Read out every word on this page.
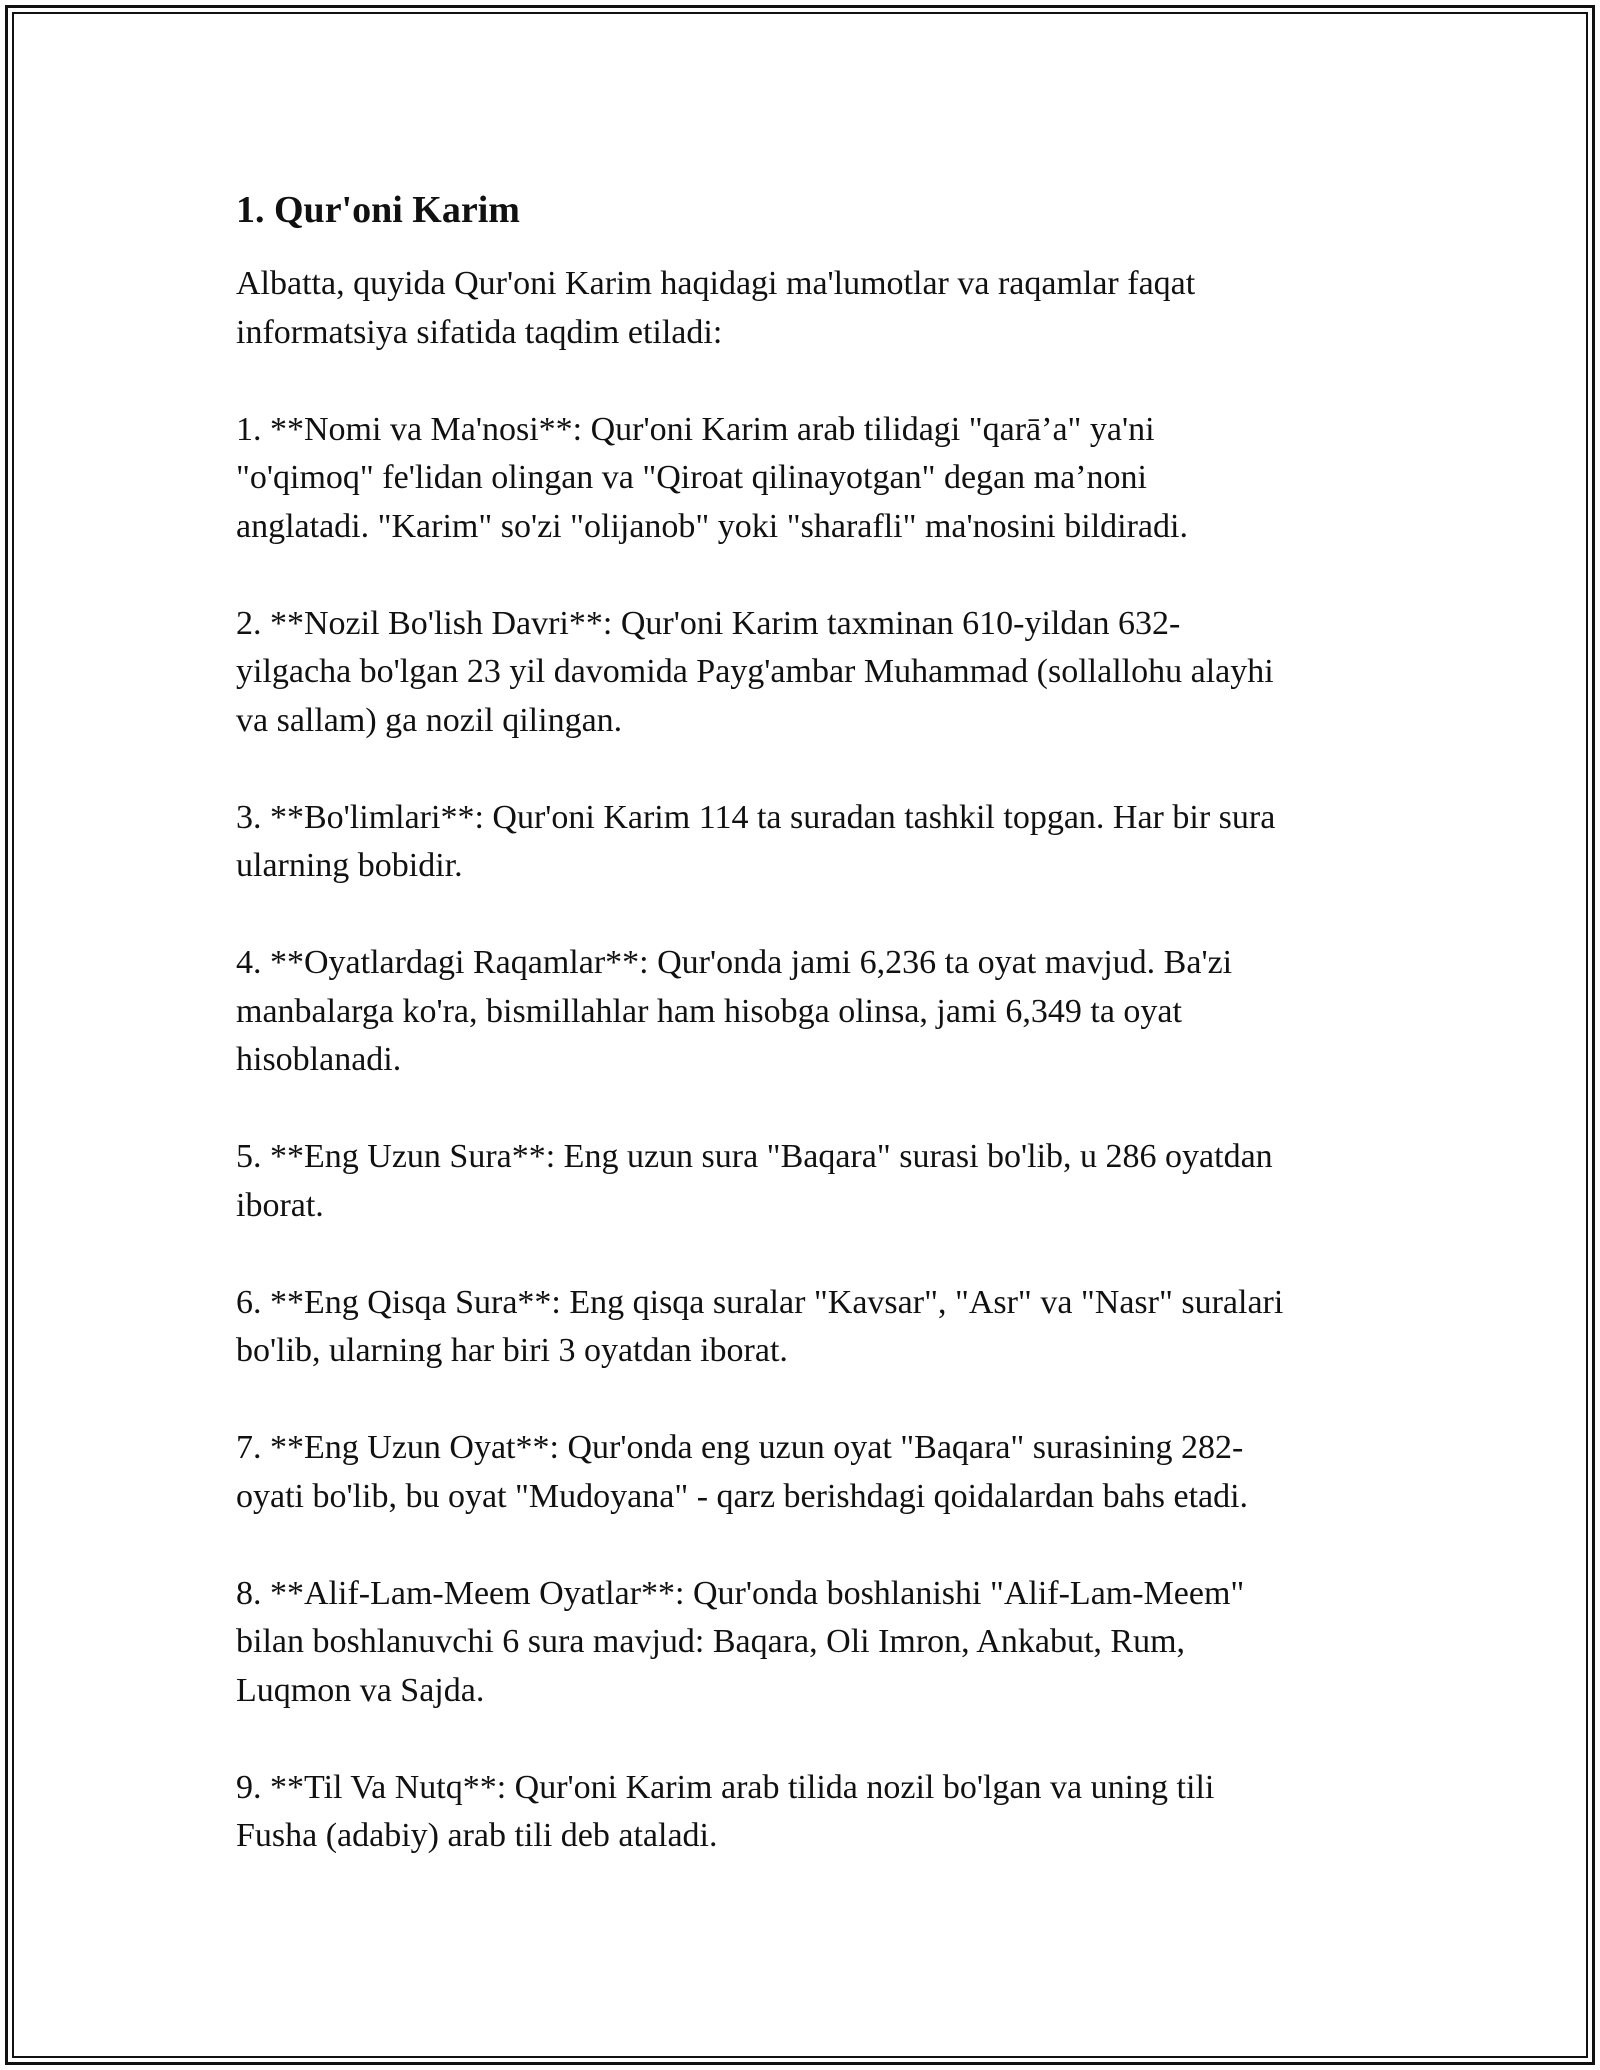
1. Qur'oni Karim
Albatta, quyida Qur'oni Karim haqidagi ma'lumotlar va raqamlar faqat
informatsiya sifatida taqdim etiladi:
1. **Nomi va Ma'nosi**: Qur'oni Karim arab tilidagi "qarā’a" ya'ni
"o'qimoq" fe'lidan olingan va "Qiroat qilinayotgan" degan ma’noni
anglatadi. "Karim" so'zi "olijanob" yoki "sharafli" ma'nosini bildiradi.
2. **Nozil Bo'lish Davri**: Qur'oni Karim taxminan 610-yildan 632-
yilgacha bo'lgan 23 yil davomida Payg'ambar Muhammad (sollallohu alayhi
va sallam) ga nozil qilingan.
3. **Bo'limlari**: Qur'oni Karim 114 ta suradan tashkil topgan. Har bir sura
ularning bobidir.
4. **Oyatlardagi Raqamlar**: Qur'onda jami 6,236 ta oyat mavjud. Ba'zi
manbalarga ko'ra, bismillahlar ham hisobga olinsa, jami 6,349 ta oyat
hisoblanadi.
5. **Eng Uzun Sura**: Eng uzun sura "Baqara" surasi bo'lib, u 286 oyatdan
iborat.
6. **Eng Qisqa Sura**: Eng qisqa suralar "Kavsar", "Asr" va "Nasr" suralari
bo'lib, ularning har biri 3 oyatdan iborat.
7. **Eng Uzun Oyat**: Qur'onda eng uzun oyat "Baqara" surasining 282-
oyati bo'lib, bu oyat "Mudoyana" - qarz berishdagi qoidalardan bahs etadi.
8. **Alif-Lam-Meem Oyatlar**: Qur'onda boshlanishi "Alif-Lam-Meem"
bilan boshlanuvchi 6 sura mavjud: Baqara, Oli Imron, Ankabut, Rum,
Luqmon va Sajda.
9. **Til Va Nutq**: Qur'oni Karim arab tilida nozil bo'lgan va uning tili
Fusha (adabiy) arab tili deb ataladi.
